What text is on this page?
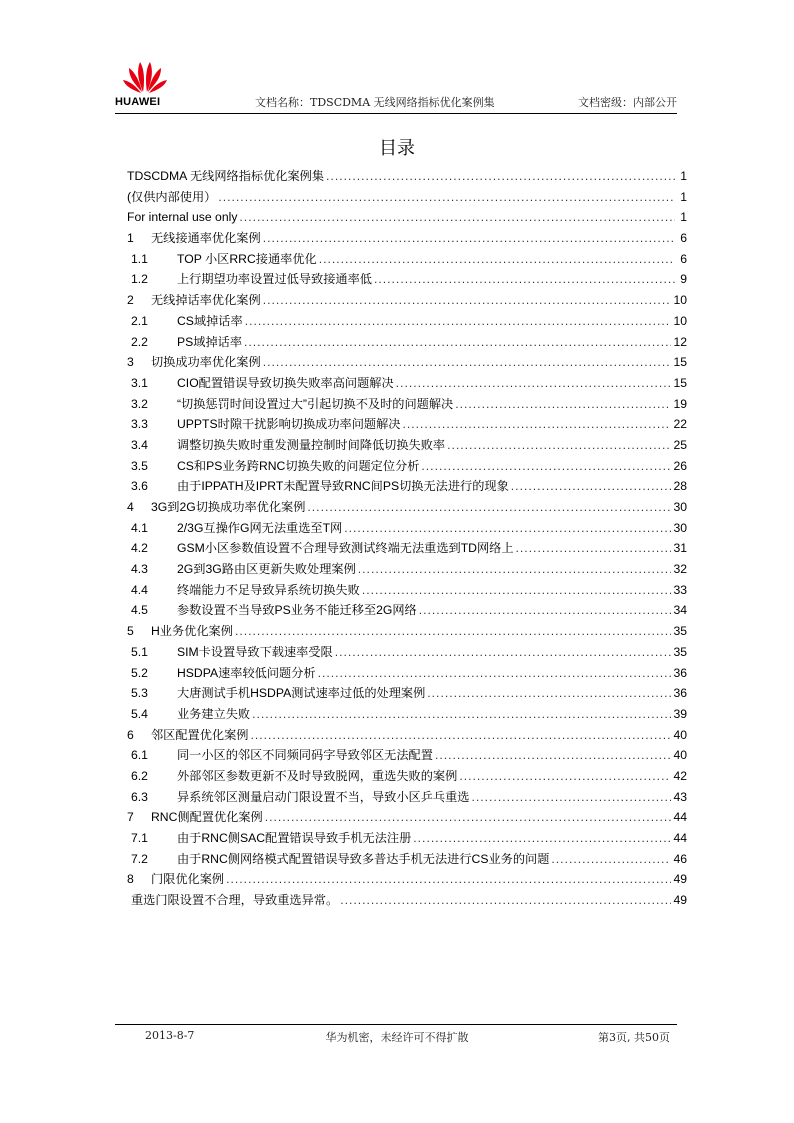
HUAWEI	文档名称：TDSCDMA 无线网络指标优化案例集	文档密级：内部公开
目录
TDSCDMA 无线网络指标优化案例集 .....	1
(仅供内部使用） .....	1
For internal use only .....	1
1	无线接通率优化案例 .....	6
1.1	TOP 小区RRC接通率优化 .....	6
1.2	上行期望功率设置过低导致接通率低 .....	9
2	无线掉话率优化案例 .....	10
2.1	CS域掉话率 .....	10
2.2	PS域掉话率 .....	12
3	切换成功率优化案例 .....	15
3.1	CIO配置错误导致切换失败率高问题解决 .....	15
3.2	“切换惩罚时间设置过大”引起切换不及时的问题解决 .....	19
3.3	UPPTS时隙干扰影响切换成功率问题解决 .....	22
3.4	调整切换失败时重发测量控制时间降低切换失败率 .....	25
3.5	CS和PS业务跨RNC切换失败的问题定位分析 .....	26
3.6	由于IPPATH及IPRT未配置导致RNC间PS切换无法进行的现象 .....	28
4	3G到2G切换成功率优化案例 .....	30
4.1	2/3G互操作G网无法重选至T网 .....	30
4.2	GSM小区参数值设置不合理导致测试终端无法重选到TD网络上 .....	31
4.3	2G到3G路由区更新失败处理案例 .....	32
4.4	终端能力不足导致异系统切换失败 .....	33
4.5	参数设置不当导致PS业务不能迁移至2G网络 .....	34
5	H业务优化案例 .....	35
5.1	SIM卡设置导致下载速率受限 .....	35
5.2	HSDPA速率较低问题分析 .....	36
5.3	大唐测试手机HSDPA测试速率过低的处理案例 .....	36
5.4	业务建立失败 .....	39
6	邻区配置优化案例 .....	40
6.1	同一小区的邻区不同频同码字导致邻区无法配置 .....	40
6.2	外部邻区参数更新不及时导致脱网，重选失败的案例 .....	42
6.3	异系统邻区测量启动门限设置不当，导致小区乒乓重选 .....	43
7	RNC侧配置优化案例 .....	44
7.1	由于RNC侧SAC配置错误导致手机无法注册 .....	44
7.2	由于RNC侧网络模式配置错误导致多普达手机无法进行CS业务的问题 .....	46
8	门限优化案例 .....	49
重选门限设置不合理，导致重选异常。 .....	49
2013-8-7	华为机密，未经许可不得扩散	第3页, 共50页
